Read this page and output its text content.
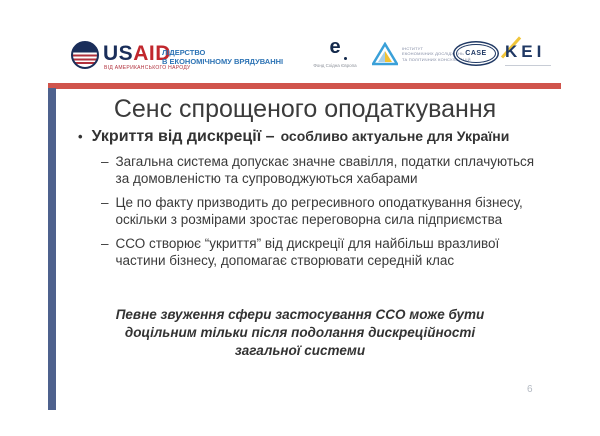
USAID
ВІД АМЕРИКАНСЬКОГО НАРОДУ
ЛІДЕРСТВО
В ЕКОНОМІЧНОМУ ВРЯДУВАННІ
e
Фонд Східна Європа
ІНСТИТУТ
ЕКОНОМІЧНИХ ДОСЛІДЖЕНЬ
ТА ПОЛІТИЧНИХ КОНСУЛЬТАЦІЙ
CASE KEI
Сенс спрощеного оподаткування
• Укриття від дискреції – особливо актуальне для України
– Загальна система допускає значне свавілля, податки сплачуються за домовленістю та супроводжуються хабарами
– Це по факту призводить до регресивного оподаткування бізнесу, оскільки з розмірами зростає переговорна сила підприємства
– ССО створює “укриття” від дискреції для найбільш вразливої частини бізнесу, допомагає створювати середній клас
Певне звуження сфери застосування ССО може бути доцільним тільки після подолання дискреційності загальної системи
6
